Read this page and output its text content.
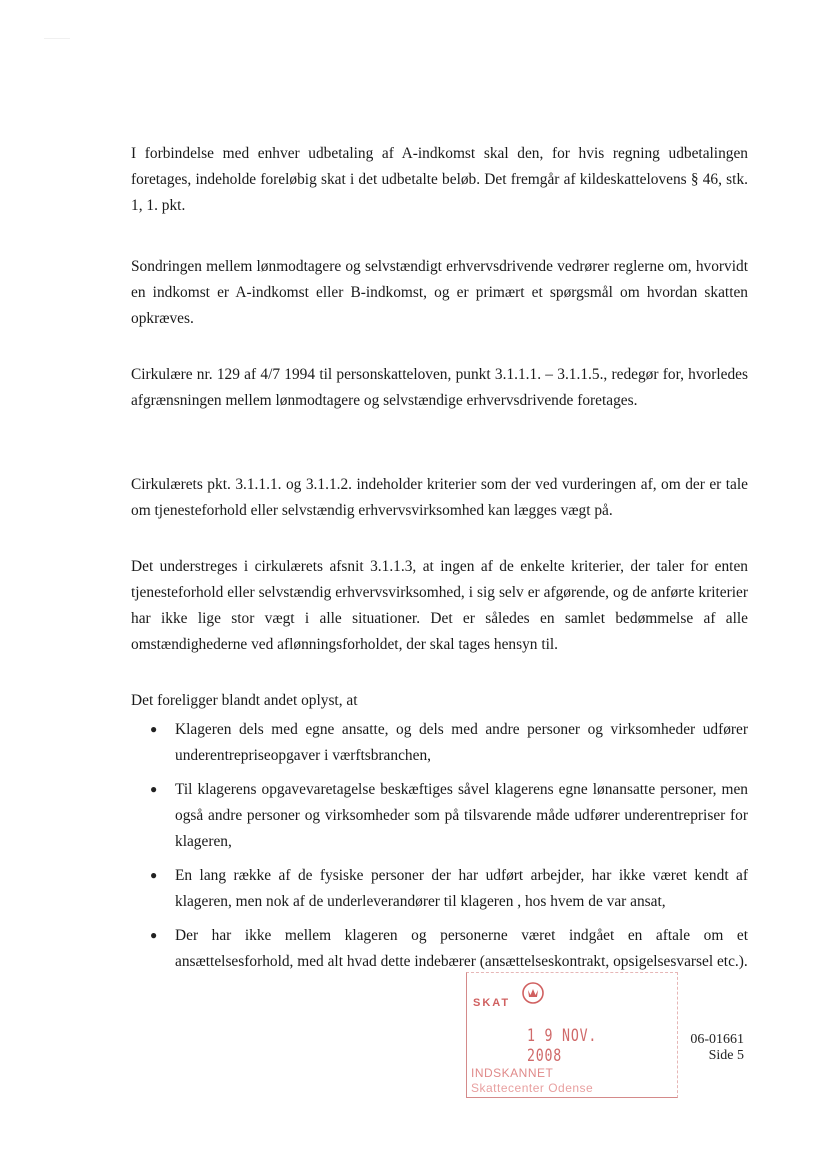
I forbindelse med enhver udbetaling af A-indkomst skal den, for hvis regning udbetalingen foretages, indeholde foreløbig skat i det udbetalte beløb. Det fremgår af kildeskattelovens § 46, stk. 1, 1. pkt.

Sondringen mellem lønmodtagere og selvstændigt erhvervsdrivende vedrører reglerne om, hvorvidt en indkomst er A-indkomst eller B-indkomst, og er primært et spørgsmål om hvordan skatten opkræves.

Cirkulære nr. 129 af 4/7 1994 til personskatteloven, punkt 3.1.1.1. – 3.1.1.5., redegør for, hvorledes afgrænsningen mellem lønmodtagere og selvstændige erhvervsdrivende foretages.

Cirkulærets pkt. 3.1.1.1. og 3.1.1.2. indeholder kriterier som der ved vurderingen af, om der er tale om tjenesteforhold eller selvstændig erhvervsvirksomhed kan lægges vægt på.

Det understreges i cirkulærets afsnit 3.1.1.3, at ingen af de enkelte kriterier, der taler for enten tjenesteforhold eller selvstændig erhvervsvirksomhed, i sig selv er afgørende, og de anførte kriterier har ikke lige stor vægt i alle situationer. Det er således en samlet bedømmelse af alle omstændighederne ved aflønningsforholdet, der skal tages hensyn til.

Det foreligger blandt andet oplyst, at

● Klageren dels med egne ansatte, og dels med andre personer og virksomheder udfører underentrepriseopgaver i værftsbranchen,
● Til klagerens opgavevaretagelse beskæftiges såvel klagerens egne lønansatte personer, men også andre personer og virksomheder som på tilsvarende måde udfører underentrepriser for klageren,
● En lang række af de fysiske personer der har udført arbejder, har ikke været kendt af klageren, men nok af de underleverandører til klageren , hos hvem de var ansat,
● Der har ikke mellem klageren og personerne været indgået en aftale om et ansættelsesforhold, med alt hvad dette indebærer (ansættelseskontrakt, opsigelsesvarsel etc.).
SKAT
1 9 NOV. 2008
INDSKANNET
Skattecenter Odense
06-01661
Side 5
